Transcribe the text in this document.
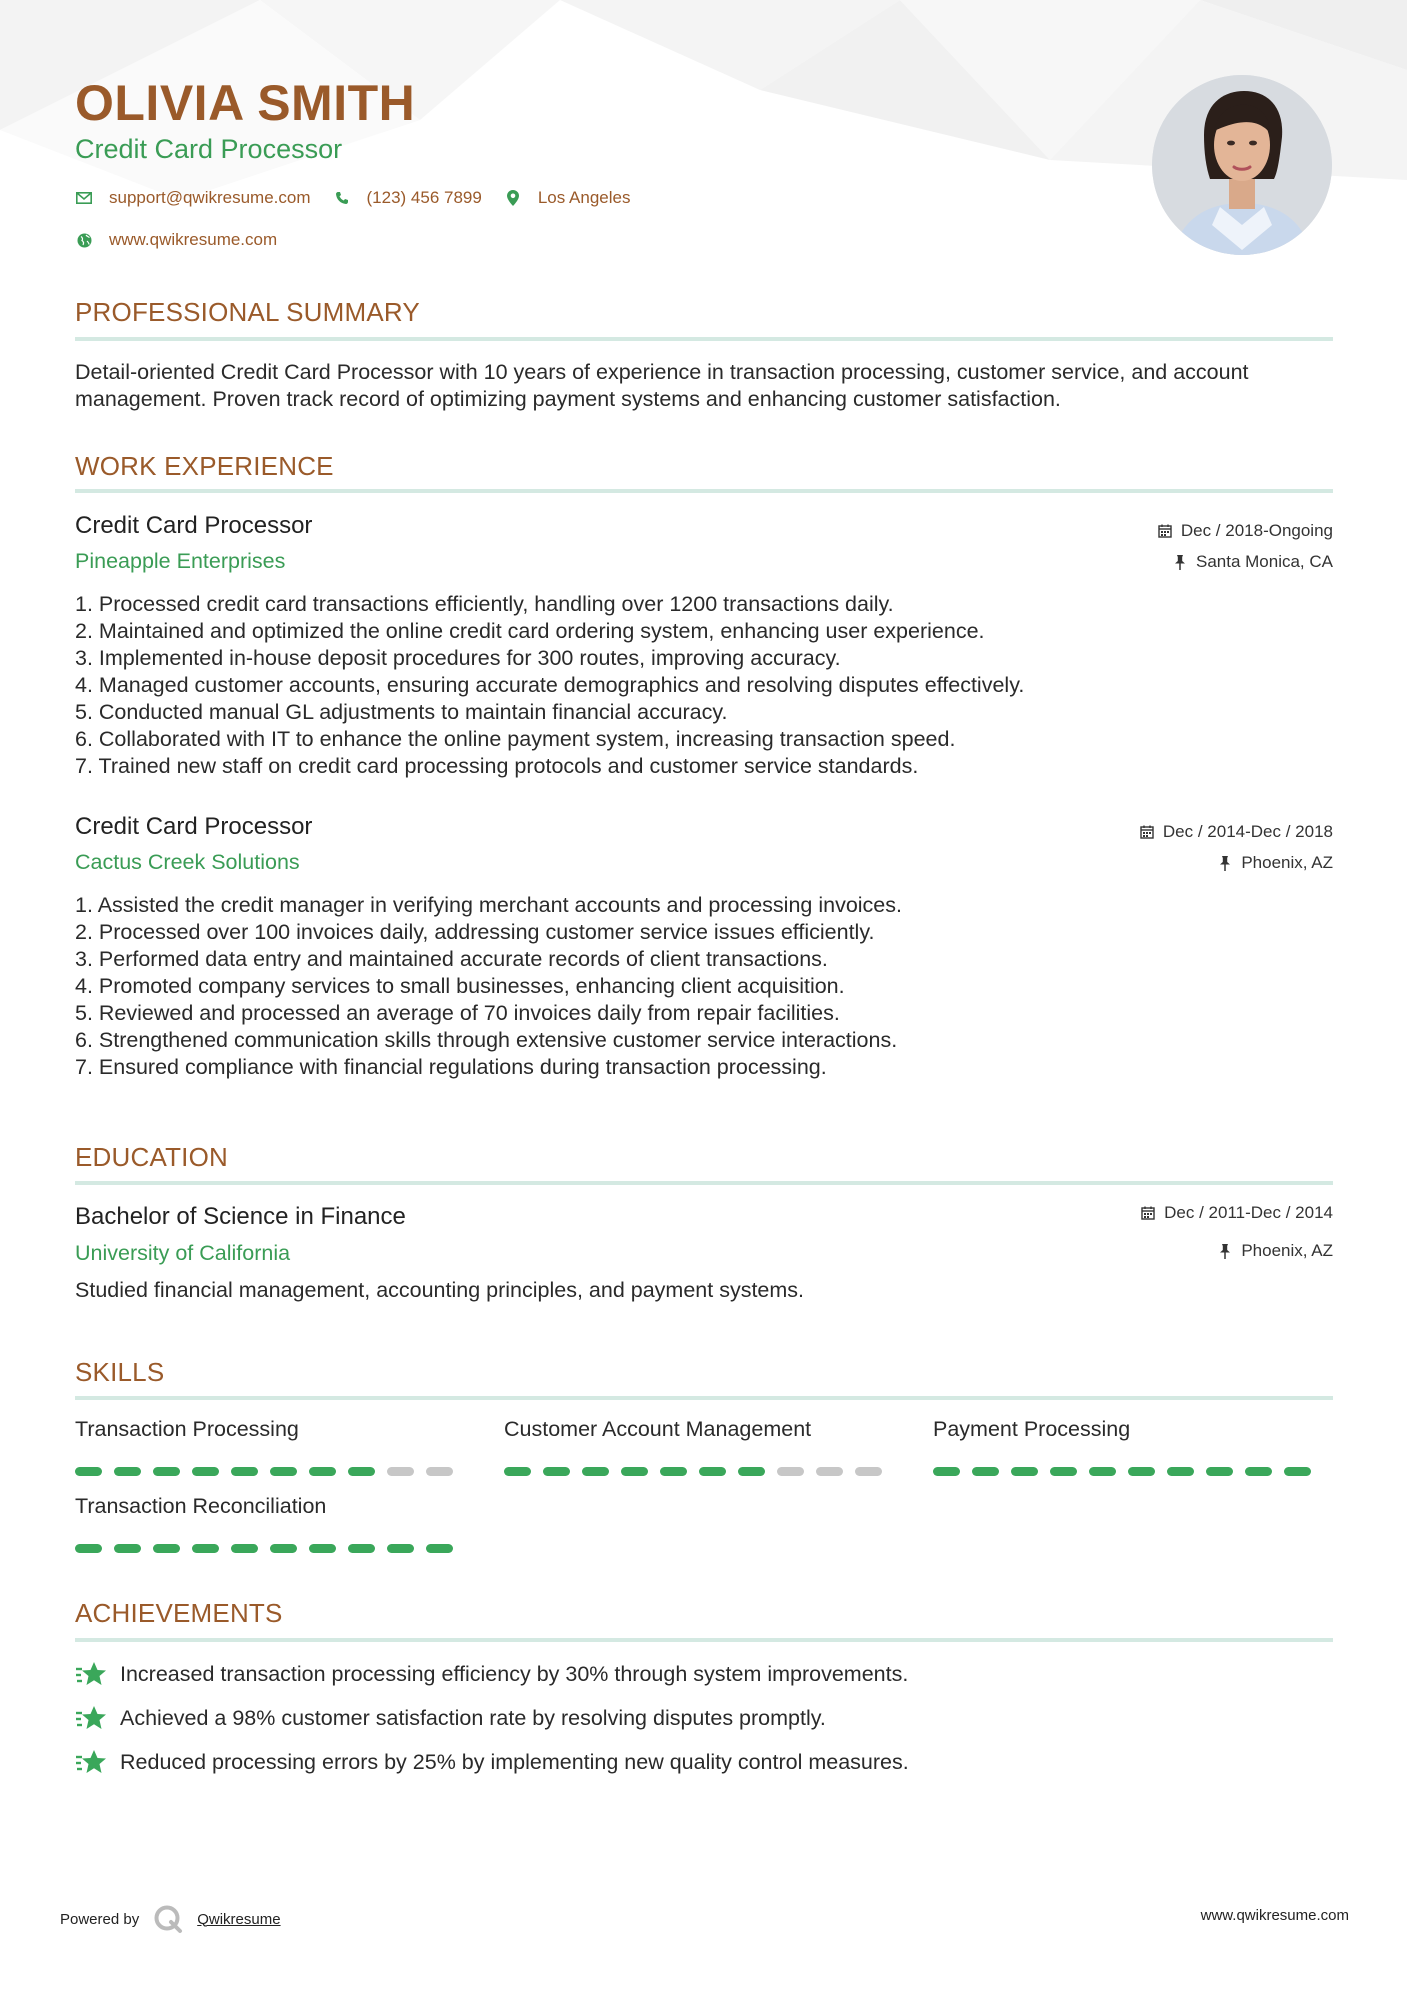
OLIVIA SMITH
Credit Card Processor
support@qwikresume.com	(123) 456 7899	Los Angeles
www.qwikresume.com
PROFESSIONAL SUMMARY

Detail-oriented Credit Card Processor with 10 years of experience in transaction processing, customer service, and account management. Proven track record of optimizing payment systems and enhancing customer satisfaction.

WORK EXPERIENCE
Credit Card Processor
Pineapple Enterprises
Dec / 2018-Ongoing
Santa Monica, CA
1. Processed credit card transactions efficiently, handling over 1200 transactions daily.
2. Maintained and optimized the online credit card ordering system, enhancing user experience.
3. Implemented in-house deposit procedures for 300 routes, improving accuracy.
4. Managed customer accounts, ensuring accurate demographics and resolving disputes effectively.
5. Conducted manual GL adjustments to maintain financial accuracy.
6. Collaborated with IT to enhance the online payment system, increasing transaction speed.
7. Trained new staff on credit card processing protocols and customer service standards.
Credit Card Processor
Cactus Creek Solutions
Dec / 2014-Dec / 2018
Phoenix, AZ
1. Assisted the credit manager in verifying merchant accounts and processing invoices.
2. Processed over 100 invoices daily, addressing customer service issues efficiently.
3. Performed data entry and maintained accurate records of client transactions.
4. Promoted company services to small businesses, enhancing client acquisition.
5. Reviewed and processed an average of 70 invoices daily from repair facilities.
6. Strengthened communication skills through extensive customer service interactions.
7. Ensured compliance with financial regulations during transaction processing.
EDUCATION
Bachelor of Science in Finance
University of California
Dec / 2011-Dec / 2014
Phoenix, AZ

Studied financial management, accounting principles, and payment systems.

SKILLS
Transaction Processing	Customer Account Management	Payment Processing
Transaction Reconciliation
ACHIEVEMENTS
Increased transaction processing efficiency by 30% through system improvements.
Achieved a 98% customer satisfaction rate by resolving disputes promptly.
Reduced processing errors by 25% by implementing new quality control measures.
Powered by	Qwikresume	www.qwikresume.com
